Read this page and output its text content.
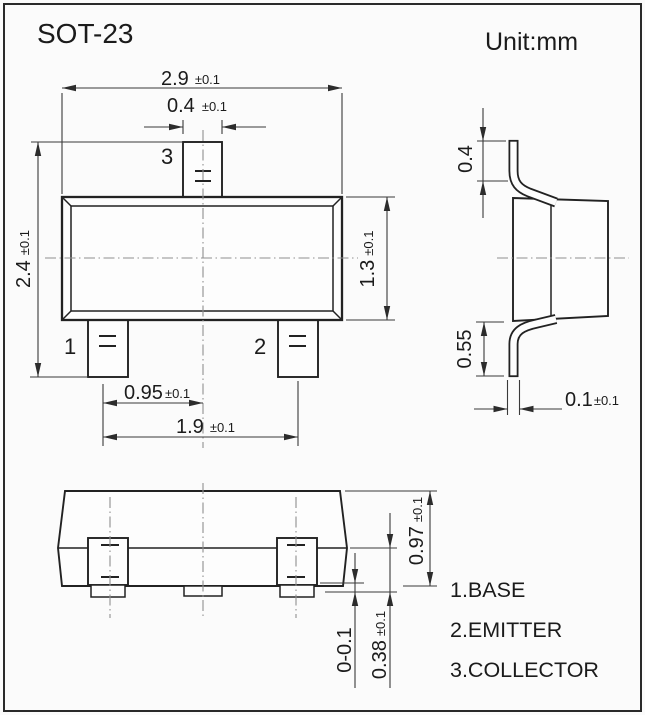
SOT-23	Unit:mm
3
1	2
2.9 ±0.1
0.4 ±0.1
2.4±0.1
1.3±0.1
0.95 ±0.1
1.9 ±0.1
0.4
0.55
0.1±0.1
0.97±0.1
0.38±0.1
0-0.1
1.BASE
2.EMITTER
3.COLLECTOR
